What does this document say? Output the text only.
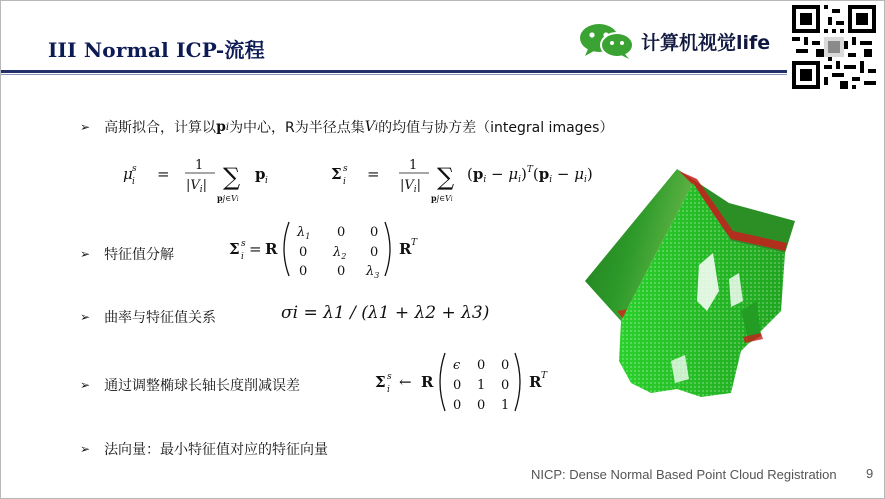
III Normal ICP-流程	计算机视觉life
➢ 高斯拟合，计算以 p i 为中心，R为半径点集 V i 的均值与协方差（integral images）
μ s
i = 1
$|V_i|$ ∑
pj∈Vi
p i	Σ s
i = 1
$|V_i|$ ∑
pj∈Vi
$(p_i - \mu_i)^T(p_i - \mu_i)$
➢ 特征值分解	Σ s
i = R
$\lambda_1$ 0 0
0 $\lambda_2$ 0
0 0 $\lambda_3$
R T
➢ 曲率与特征值关系	σi = λ1 / (λ1 + λ2 + λ3)
➢ 通过调整椭球长轴长度削减误差	Σ s
i ← R
ϵ 0 0
0 1 0
0 0 1
R T
➢ 法向量：最小特征值对应的特征向量
NICP: Dense Normal Based Point Cloud Registration 9
